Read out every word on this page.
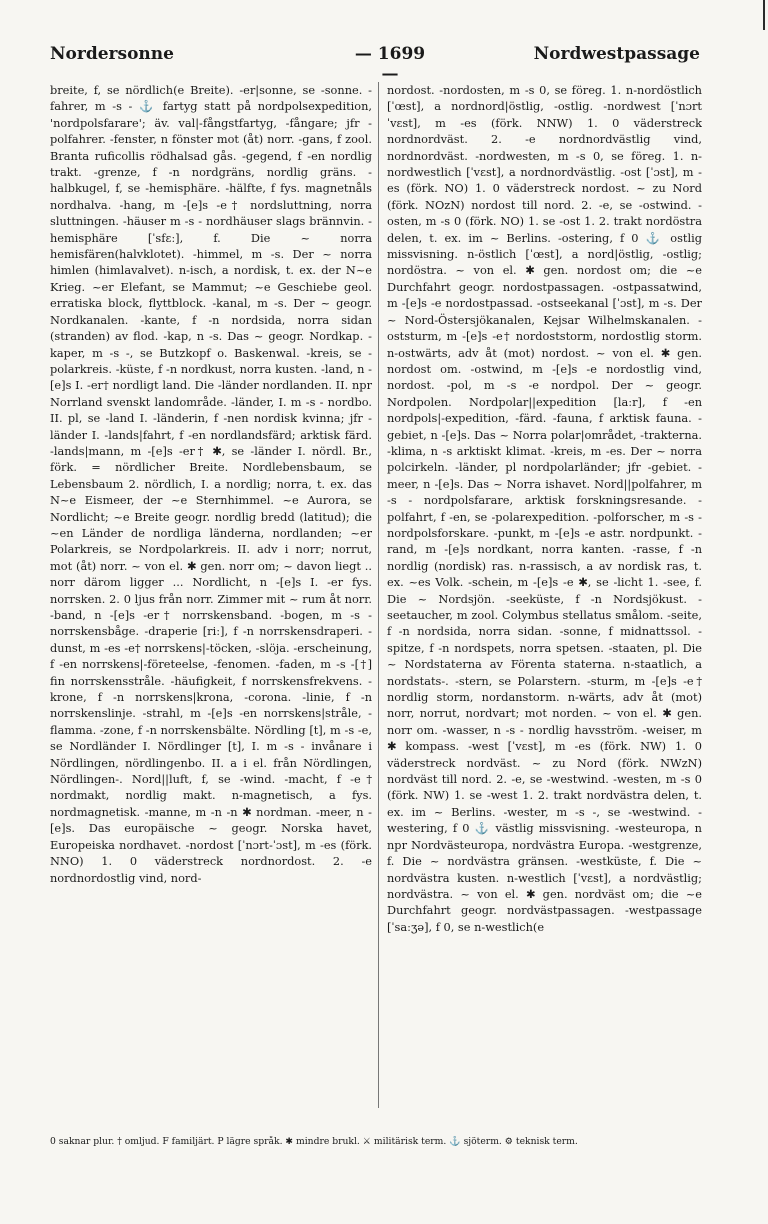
Nordersonne	— 1699 —
Nordwestpassage

breite, f, se nördlich(e Breite). -er|sonne, se -sonne. -fahrer, m -s - ⚓ fartyg statt på nordpolsexpedition, 'nordpolsfarare'; äv. val|-fångstfartyg, -fångare; jfr -polfahrer. -fenster, n fönster mot (åt) norr. -gans, f zool. Branta ruficollis rödhalsad gås. -gegend, f -en nordlig trakt. -grenze, f -n nordgräns, nordlig gräns. -halbkugel, f, se -hemisphäre. -hälfte, f fys. magnetnåls nordhalva. -hang, m -[e]s -e† nordsluttning, norra sluttningen. -häuser m -s - nordhäuser slags brännvin. -hemisphäre [ˈsfɛː], f. Die ~ norra hemisfären(halvklotet). -himmel, m -s. Der ~ norra himlen (himlavalvet). n-isch, a nordisk, t. ex. der N~e Krieg. ~er Elefant, se Mammut; ~e Geschiebe geol. erratiska block, flyttblock. -kanal, m -s. Der ~ geogr. Nordkanalen. -kante, f -n nordsida, norra sidan (stranden) av flod. -kap, n -s. Das ~ geogr. Nordkap. -kaper, m -s -, se Butzkopf o. Baskenwal. -kreis, se -polarkreis. -küste, f -n nordkust, norra kusten. -land, n -[e]s I. -er† nordligt land. Die -länder nordlanden. II. npr Norrland svenskt landområde. -länder, I. m -s - nordbo. II. pl, se -land I. -länderin, f -nen nordisk kvinna; jfr -länder I. -lands|fahrt, f -en nordlandsfärd; arktisk färd. -lands|mann, m -[e]s -er† ✱, se -länder I. nördl. Br., förk. = nördlicher Breite. Nordlebensbaum, se Lebensbaum 2. nördlich, I. a nordlig; norra, t. ex. das N~e Eismeer, der ~e Sternhimmel. ~e Aurora, se Nordlicht; ~e Breite geogr. nordlig bredd (latitud); die ~en Länder de nordliga länderna, nordlanden; ~er Polarkreis, se Nordpolarkreis. II. adv i norr; norrut, mot (åt) norr. ~ von el. ✱ gen. norr om; ~ davon liegt .. norr därom ligger ... Nordlicht, n -[e]s I. -er fys. norrsken. 2. 0 ljus från norr. Zimmer mit ~ rum åt norr. -band, n -[e]s -er† norrskensband. -bogen, m -s - norrskensbåge. -draperie [riː], f -n norrskensdraperi. -dunst, m -es -e† norrskens|-töcken, -slöja. -erscheinung, f -en norrskens|-företeelse, -fenomen. -faden, m -s -[†] fin norrskensstråle. -häufigkeit, f norrskensfrekvens. -krone, f -n norrskens|krona, -corona. -linie, f -n norrskenslinje. -strahl, m -[e]s -en norrskens|stråle, -flamma. -zone, f -n norrskensbälte. Nördling [t], m -s -e, se Nordländer I. Nördlinger [t], I. m -s - invånare i Nördlingen, nördlingenbo. II. a i el. från Nördlingen, Nördlingen-. Nord||luft, f, se -wind. -macht, f -e† nordmakt, nordlig makt. n-magnetisch, a fys. nordmagnetisk. -manne, m -n -n ✱ nordman. -meer, n -[e]s. Das europäische ~ geogr. Norska havet, Europeiska nordhavet. -nordost [ˈnɔrt-ˈɔst], m -es (förk. NNO) 1. 0 väderstreck nordnordost. 2. -e nordnordostlig vind, nord-

nordost. -nordosten, m -s 0, se föreg. 1. n-nordöstlich [ˈœst], a nordnord|östlig, -ostlig. -nordwest [ˈnɔrtˈvɛst], m -es (förk. NNW) 1. 0 väderstreck nordnordväst. 2. -e nordnordvästlig vind, nordnordväst. -nordwesten, m -s 0, se föreg. 1. n-nordwestlich [ˈvɛst], a nordnordvästlig. -ost [ˈɔst], m -es (förk. NO) 1. 0 väderstreck nordost. ~ zu Nord (förk. NOzN) nordost till nord. 2. -e, se -ostwind. -osten, m -s 0 (förk. NO) 1. se -ost 1. 2. trakt nordöstra delen, t. ex. im ~ Berlins. -ostering, f 0 ⚓ ostlig missvisning. n-östlich [ˈœst], a nord|östlig, -ostlig; nordöstra. ~ von el. ✱ gen. nordost om; die ~e Durchfahrt geogr. nordostpassagen. -ostpassatwind, m -[e]s -e nordostpassad. -ostseekanal [ˈɔst], m -s. Der ~ Nord-Östersjökanalen, Kejsar Wilhelmskanalen. -oststurm, m -[e]s -e† nordoststorm, nordostlig storm. n-ostwärts, adv åt (mot) nordost. ~ von el. ✱ gen. nordost om. -ostwind, m -[e]s -e nordostlig vind, nordost. -pol, m -s -e nordpol. Der ~ geogr. Nordpolen. Nordpolar||expedition [laːr], f -en nordpols|-expedition, -färd. -fauna, f arktisk fauna. -gebiet, n -[e]s. Das ~ Norra polar|området, -trakterna. -klima, n -s arktiskt klimat. -kreis, m -es. Der ~ norra polcirkeln. -länder, pl nordpolarländer; jfr -gebiet. -meer, n -[e]s. Das ~ Norra ishavet. Nord||polfahrer, m -s - nordpolsfarare, arktisk forskningsresande. -polfahrt, f -en, se -polarexpedition. -polforscher, m -s - nordpolsforskare. -punkt, m -[e]s -e astr. nordpunkt. -rand, m -[e]s nordkant, norra kanten. -rasse, f -n nordlig (nordisk) ras. n-rassisch, a av nordisk ras, t. ex. ~es Volk. -schein, m -[e]s -e ✱, se -licht 1. -see, f. Die ~ Nordsjön. -seeküste, f -n Nordsjökust. -seetaucher, m zool. Colymbus stellatus smålom. -seite, f -n nordsida, norra sidan. -sonne, f midnattssol. -spitze, f -n nordspets, norra spetsen. -staaten, pl. Die ~ Nordstaterna av Förenta staterna. n-staatlich, a nordstats-. -stern, se Polarstern. -sturm, m -[e]s -e† nordlig storm, nordanstorm. n-wärts, adv åt (mot) norr, norrut, nordvart; mot norden. ~ von el. ✱ gen. norr om. -wasser, n -s - nordlig havsström. -weiser, m ✱ kompass. -west [ˈvɛst], m -es (förk. NW) 1. 0 väderstreck nordväst. ~ zu Nord (förk. NWzN) nordväst till nord. 2. -e, se -westwind. -westen, m -s 0 (förk. NW) 1. se -west 1. 2. trakt nordvästra delen, t. ex. im ~ Berlins. -wester, m -s -, se -westwind. -westering, f 0 ⚓ västlig missvisning. -westeuropa, n npr Nordvästeuropa, nordvästra Europa. -westgrenze, f. Die ~ nordvästra gränsen. -westküste, f. Die ~ nordvästra kusten. n-westlich [ˈvɛst], a nordvästlig; nordvästra. ~ von el. ✱ gen. nordväst om; die ~e Durchfahrt geogr. nordvästpassagen. -westpassage [ˈsaːʒə], f 0, se n-westlich(e

0 saknar plur. † omljud. F familjärt. P lägre språk. ✱ mindre brukl. ⚔ militärisk term. ⚓ sjöterm. ⚙ teknisk term.
